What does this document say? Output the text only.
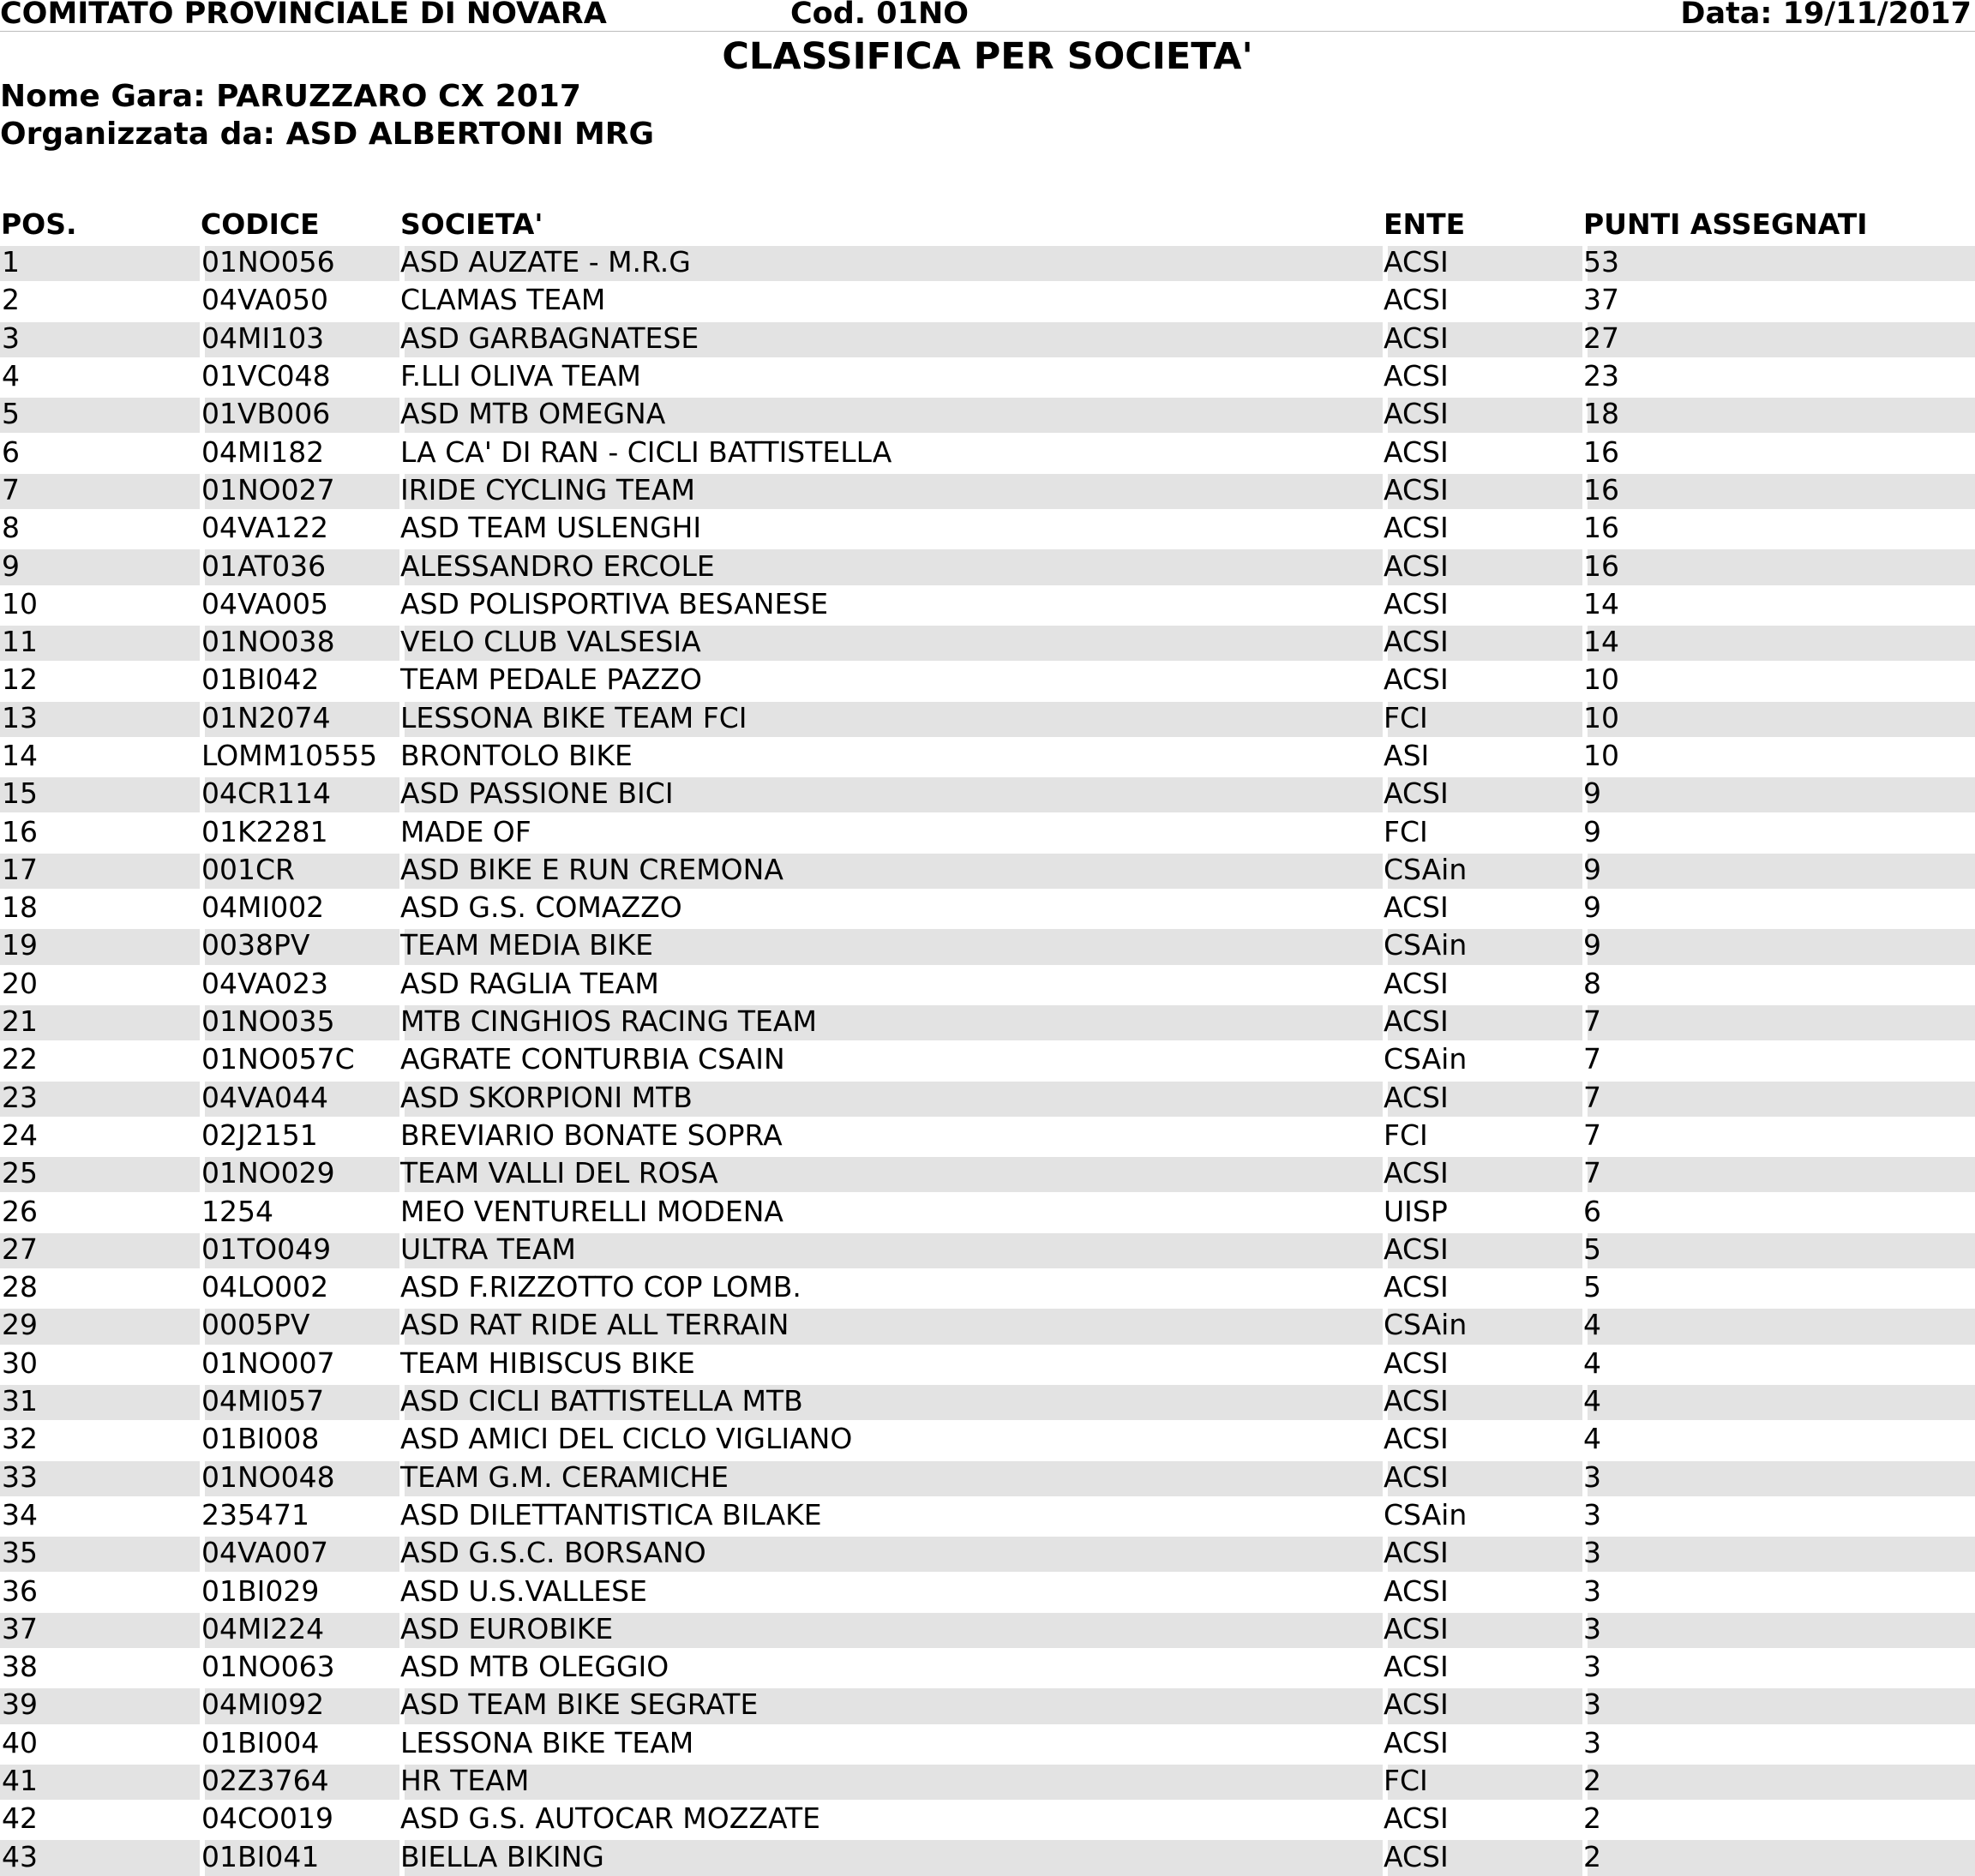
COMITATO PROVINCIALE DI NOVARA	Cod. 01NO	Data: 19/11/2017
CLASSIFICA PER SOCIETA'
Nome Gara: PARUZZARO CX 2017
Organizzata da: ASD ALBERTONI MRG
POS.	CODICE	SOCIETA'	ENTE	PUNTI ASSEGNATI
1	01NO056	ASD AUZATE - M.R.G	ACSI	53
2	04VA050	CLAMAS TEAM	ACSI	37
3	04MI103	ASD GARBAGNATESE	ACSI	27
4	01VC048	F.LLI OLIVA TEAM	ACSI	23
5	01VB006	ASD MTB OMEGNA	ACSI	18
6	04MI182	LA CA' DI RAN - CICLI BATTISTELLA	ACSI	16
7	01NO027	IRIDE CYCLING TEAM	ACSI	16
8	04VA122	ASD TEAM USLENGHI	ACSI	16
9	01AT036	ALESSANDRO ERCOLE	ACSI	16
10	04VA005	ASD POLISPORTIVA BESANESE	ACSI	14
11	01NO038	VELO CLUB VALSESIA	ACSI	14
12	01BI042	TEAM PEDALE PAZZO	ACSI	10
13	01N2074	LESSONA BIKE TEAM FCI	FCI	10
14	LOMM10555	BRONTOLO BIKE	ASI	10
15	04CR114	ASD PASSIONE BICI	ACSI	9
16	01K2281	MADE OF	FCI	9
17	001CR	ASD BIKE E RUN CREMONA	CSAin	9
18	04MI002	ASD G.S. COMAZZO	ACSI	9
19	0038PV	TEAM MEDIA BIKE	CSAin	9
20	04VA023	ASD RAGLIA TEAM	ACSI	8
21	01NO035	MTB CINGHIOS RACING TEAM	ACSI	7
22	01NO057C	AGRATE CONTURBIA CSAIN	CSAin	7
23	04VA044	ASD SKORPIONI MTB	ACSI	7
24	02J2151	BREVIARIO BONATE SOPRA	FCI	7
25	01NO029	TEAM VALLI DEL ROSA	ACSI	7
26	1254	MEO VENTURELLI MODENA	UISP	6
27	01TO049	ULTRA TEAM	ACSI	5
28	04LO002	ASD F.RIZZOTTO COP LOMB.	ACSI	5
29	0005PV	ASD RAT RIDE ALL TERRAIN	CSAin	4
30	01NO007	TEAM HIBISCUS BIKE	ACSI	4
31	04MI057	ASD CICLI BATTISTELLA MTB	ACSI	4
32	01BI008	ASD AMICI DEL CICLO VIGLIANO	ACSI	4
33	01NO048	TEAM G.M. CERAMICHE	ACSI	3
34	235471	ASD DILETTANTISTICA BILAKE	CSAin	3
35	04VA007	ASD G.S.C. BORSANO	ACSI	3
36	01BI029	ASD U.S.VALLESE	ACSI	3
37	04MI224	ASD EUROBIKE	ACSI	3
38	01NO063	ASD MTB OLEGGIO	ACSI	3
39	04MI092	ASD TEAM BIKE SEGRATE	ACSI	3
40	01BI004	LESSONA BIKE TEAM	ACSI	3
41	02Z3764	HR TEAM	FCI	2
42	04CO019	ASD G.S. AUTOCAR MOZZATE	ACSI	2
43	01BI041	BIELLA BIKING	ACSI	2
